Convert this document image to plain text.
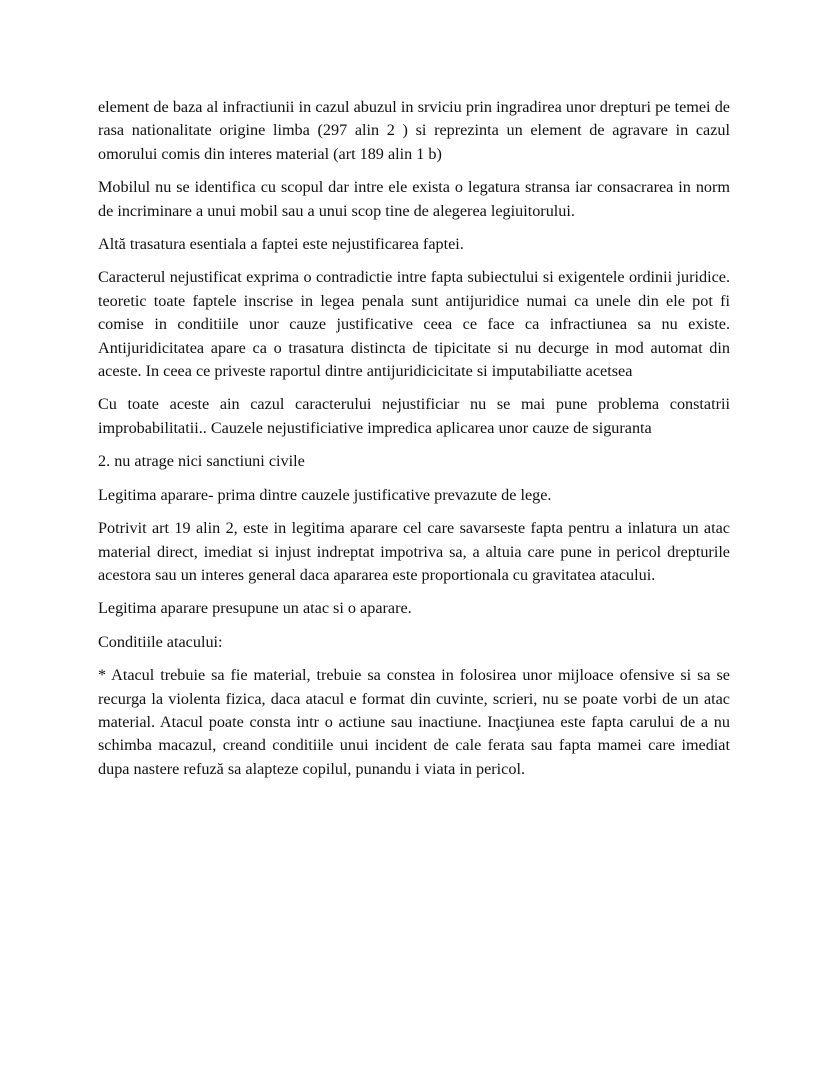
element de baza al infractiunii in cazul abuzul in srviciu prin ingradirea unor drepturi pe temei de rasa nationalitate origine limba (297 alin 2 ) si reprezinta un element de agravare in cazul omorului comis din interes material (art 189 alin 1 b)

Mobilul nu se identifica cu scopul dar intre ele exista o legatura stransa iar consacrarea in norm de incriminare a unui mobil sau a unui scop tine de alegerea legiuitorului.

Altă trasatura esentiala a faptei este nejustificarea faptei.

Caracterul nejustificat exprima o contradictie intre fapta subiectului si exigentele ordinii juridice. teoretic toate faptele inscrise in legea penala sunt antijuridice numai ca unele din ele pot fi comise in conditiile unor cauze justificative ceea ce face ca infractiunea sa nu existe. Antijuridicitatea apare ca o trasatura distincta de tipicitate si nu decurge in mod automat din aceste. In ceea ce priveste raportul dintre antijuridicicitate si imputabiliatte acetsea

Cu toate aceste ain cazul caracterului nejustificiar nu se mai pune problema constatrii improbabilitatii.. Cauzele nejustificiative impredica aplicarea unor cauze de siguranta

2. nu atrage nici sanctiuni civile

Legitima aparare- prima dintre cauzele justificative prevazute de lege.

Potrivit art 19 alin 2, este in legitima aparare cel care savarseste fapta pentru a inlatura un atac material direct, imediat si injust indreptat impotriva sa, a altuia care pune in pericol drepturile acestora sau un interes general daca apararea este proportionala cu gravitatea atacului.

Legitima aparare presupune un atac si o aparare.

Conditiile atacului:

* Atacul trebuie sa fie material, trebuie sa constea in folosirea unor mijloace ofensive si sa se recurga la violenta fizica, daca atacul e format din cuvinte, scrieri, nu se poate vorbi de un atac material. Atacul poate consta intr o actiune sau inactiune. Inacţiunea este fapta carului de a nu schimba macazul, creand conditiile unui incident de cale ferata sau fapta mamei care imediat dupa nastere refuză sa alapteze copilul, punandu i viata in pericol.
